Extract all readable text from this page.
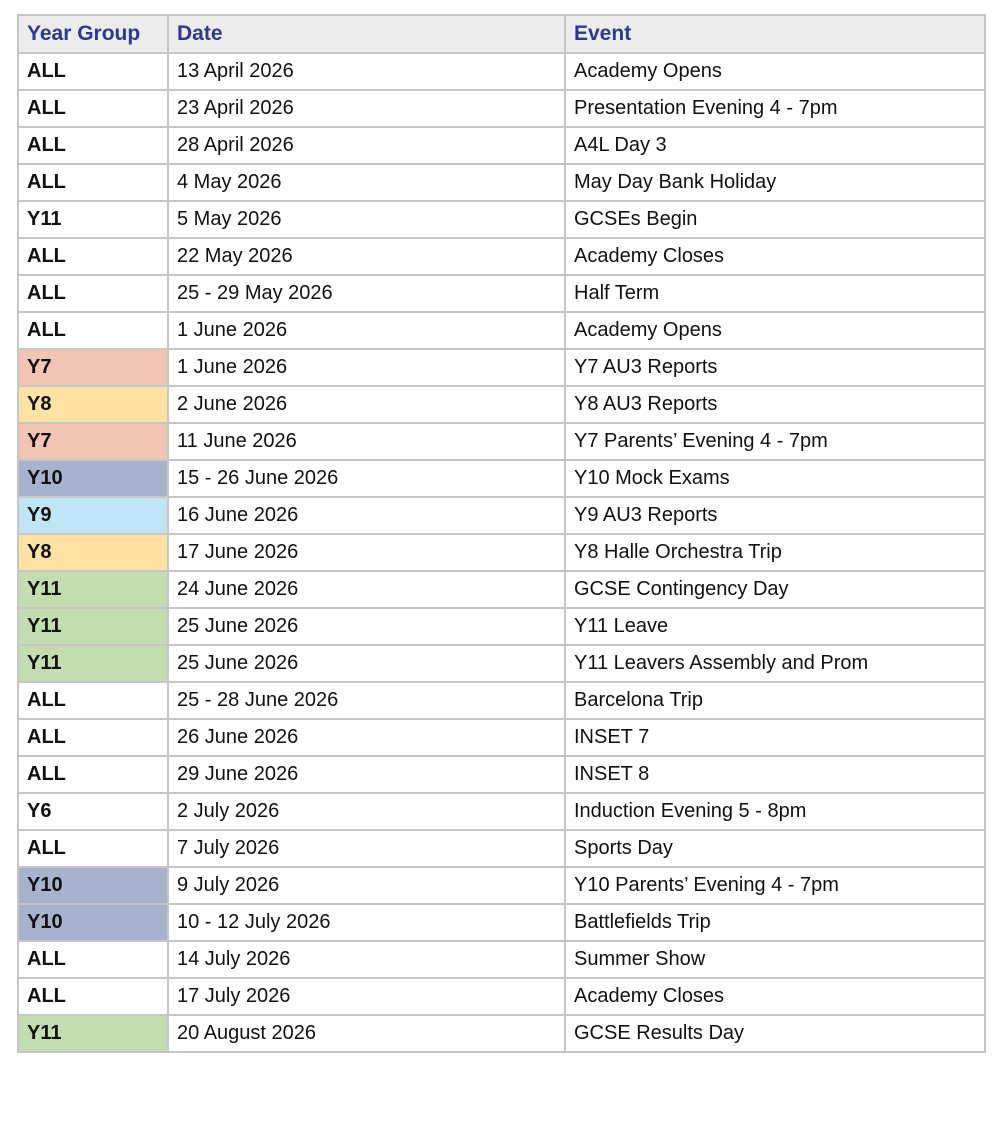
Year Group	Date	Event
ALL	13 April 2026	Academy Opens
ALL	23 April 2026	Presentation Evening 4 - 7pm
ALL	28 April 2026	A4L Day 3
ALL	4 May 2026	May Day Bank Holiday
Y11	5 May 2026	GCSEs Begin
ALL	22 May 2026	Academy Closes
ALL	25 - 29 May 2026	Half Term
ALL	1 June 2026	Academy Opens
Y7	1 June 2026	Y7 AU3 Reports
Y8	2 June 2026	Y8 AU3 Reports
Y7	11 June 2026	Y7 Parents’ Evening 4 - 7pm
Y10	15 - 26 June 2026	Y10 Mock Exams
Y9	16 June 2026	Y9 AU3 Reports
Y8	17 June 2026	Y8 Halle Orchestra Trip
Y11	24 June 2026	GCSE Contingency Day
Y11	25 June 2026	Y11 Leave
Y11	25 June 2026	Y11 Leavers Assembly and Prom
ALL	25 - 28 June 2026	Barcelona Trip
ALL	26 June 2026	INSET 7
ALL	29 June 2026	INSET 8
Y6	2 July 2026	Induction Evening 5 - 8pm
ALL	7 July 2026	Sports Day
Y10	9 July 2026	Y10 Parents’ Evening 4 - 7pm
Y10	10 - 12 July 2026	Battlefields Trip
ALL	14 July 2026	Summer Show
ALL	17 July 2026	Academy Closes
Y11	20 August 2026	GCSE Results Day
